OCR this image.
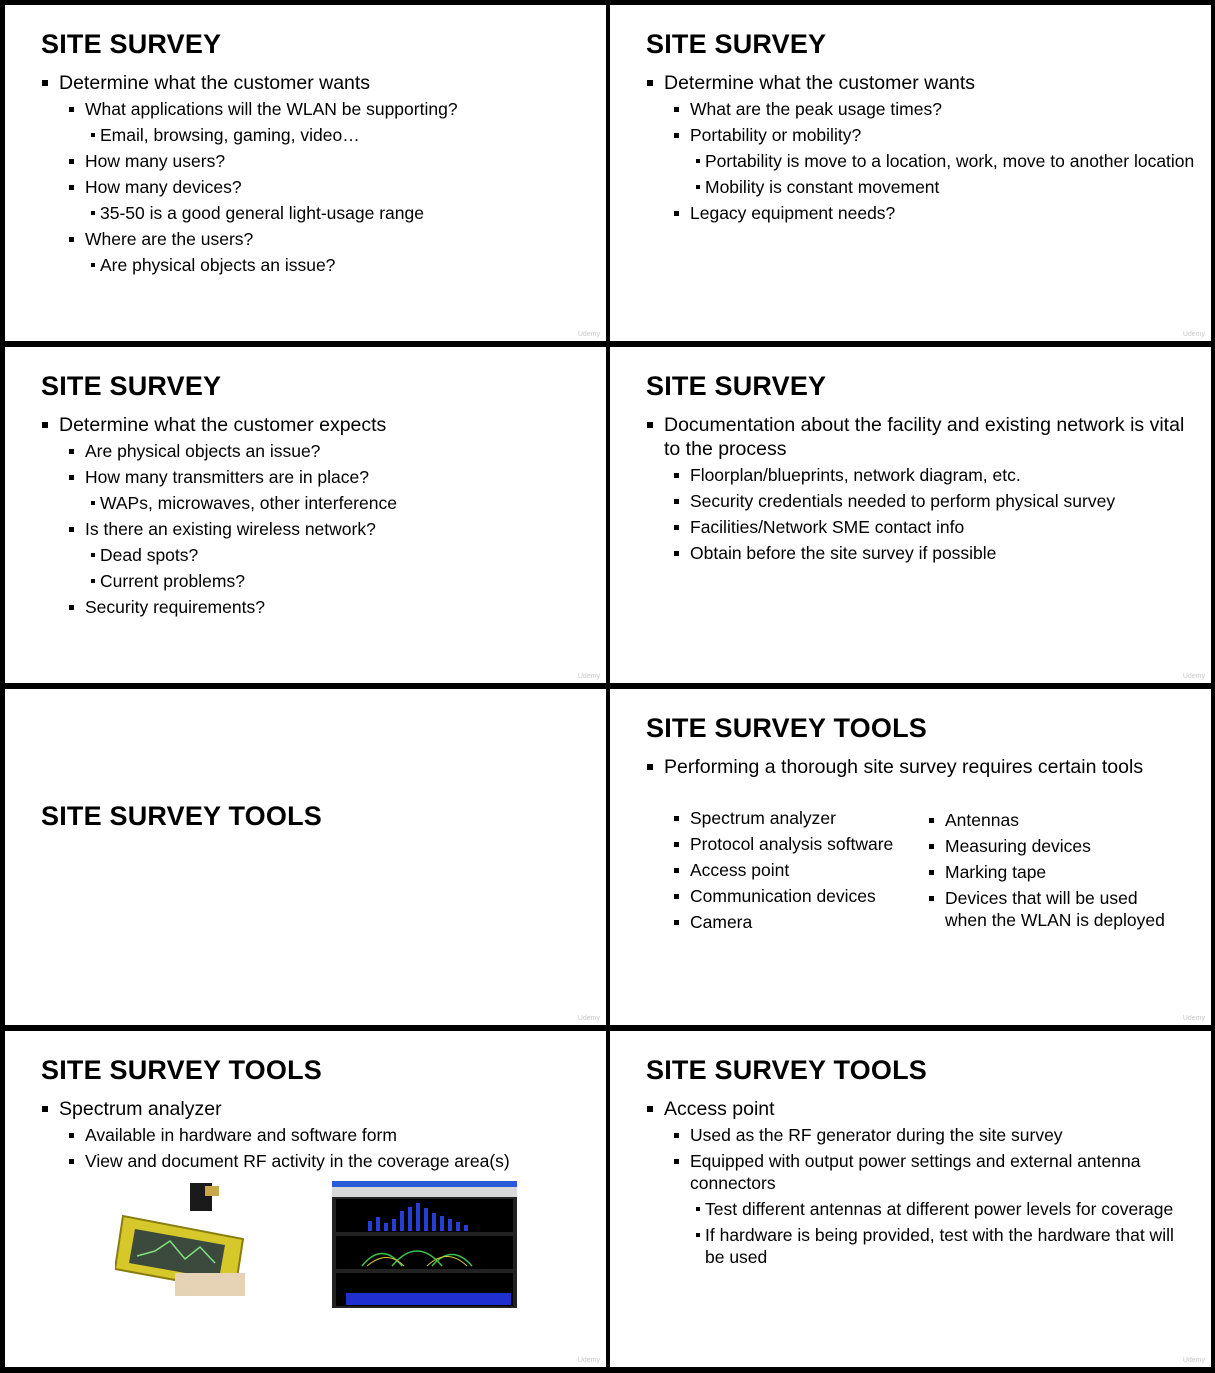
SITE SURVEY
Determine what the customer wants
What applications will the WLAN be supporting?
Email, browsing, gaming, video…
How many users?
How many devices?
35-50 is a good general light-usage range
Where are the users?
Are physical objects an issue?
Udemy
SITE SURVEY
Determine what the customer wants
What are the peak usage times?
Portability or mobility?
Portability is move to a location, work, move to another location
Mobility is constant movement
Legacy equipment needs?
Udemy
SITE SURVEY
Determine what the customer expects
Are physical objects an issue?
How many transmitters are in place?
WAPs, microwaves, other interference
Is there an existing wireless network?
Dead spots?
Current problems?
Security requirements?
Udemy
SITE SURVEY
Documentation about the facility and existing network is vital to the process
Floorplan/blueprints, network diagram, etc.
Security credentials needed to perform physical survey
Facilities/Network SME contact info
Obtain before the site survey if possible
Udemy
SITE SURVEY TOOLS
Udemy
SITE SURVEY TOOLS
Performing a thorough site survey requires certain tools
Spectrum analyzer
Protocol analysis software
Access point
Communication devices
Camera
Antennas
Measuring devices
Marking tape
Devices that will be used when the WLAN is deployed
Udemy
SITE SURVEY TOOLS
Spectrum analyzer
Available in hardware and software form
View and document RF activity in the coverage area(s)
Udemy
SITE SURVEY TOOLS
Access point
Used as the RF generator during the site survey
Equipped with output power settings and external antenna connectors
Test different antennas at different power levels for coverage
If hardware is being provided, test with the hardware that will be used
Udemy
